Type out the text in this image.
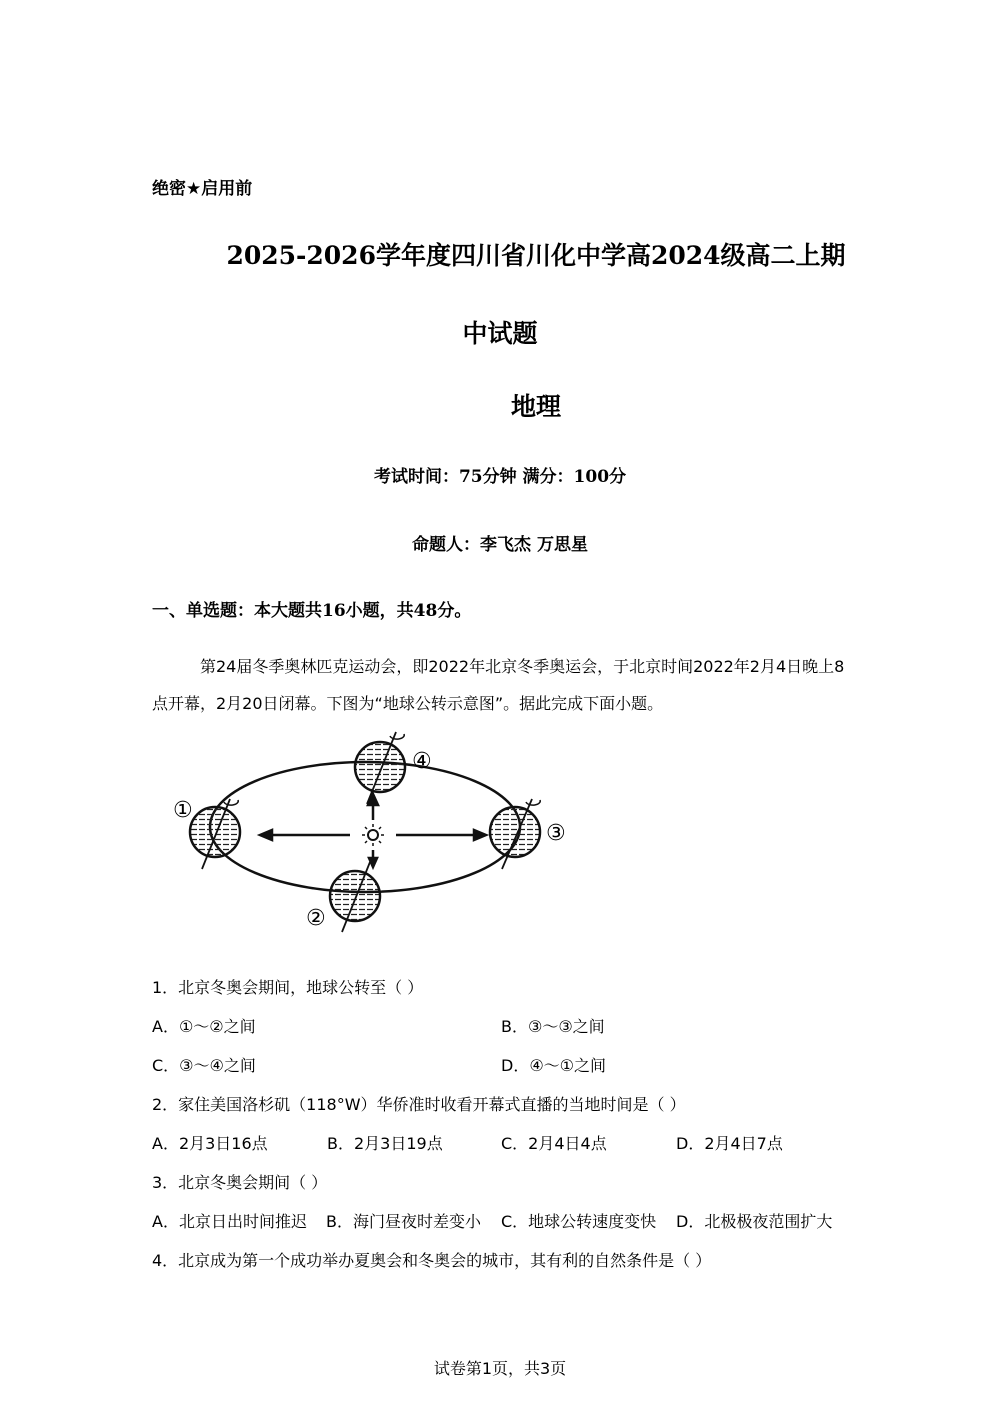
绝密★启用前
2025-2026学年度四川省川化中学高2024级高二上期
中试题
地理
考试时间：75分钟 满分：100分
命题人：李飞杰 万思星
一、单选题：本大题共16小题，共48分。
第24届冬季奥林匹克运动会，即2022年北京冬季奥运会，于北京时间2022年2月4日晚上8点开幕，2月20日闭幕。下图为“地球公转示意图”。据此完成下面小题。
①
②
③
④
1．北京冬奥会期间，地球公转至（ ）
A．①～②之间	B．③～③之间
C．③～④之间	D．④～①之间
2．家住美国洛杉矶（118°W）华侨准时收看开幕式直播的当地时间是（ ）
A．2月3日16点	B．2月3日19点	C．2月4日4点	D．2月4日7点
3．北京冬奥会期间（ ）
A．北京日出时间推迟 B．海门昼夜时差变小 C．地球公转速度变快 D．北极极夜范围扩大
4．北京成为第一个成功举办夏奥会和冬奥会的城市，其有利的自然条件是（ ）
试卷第1页，共3页
